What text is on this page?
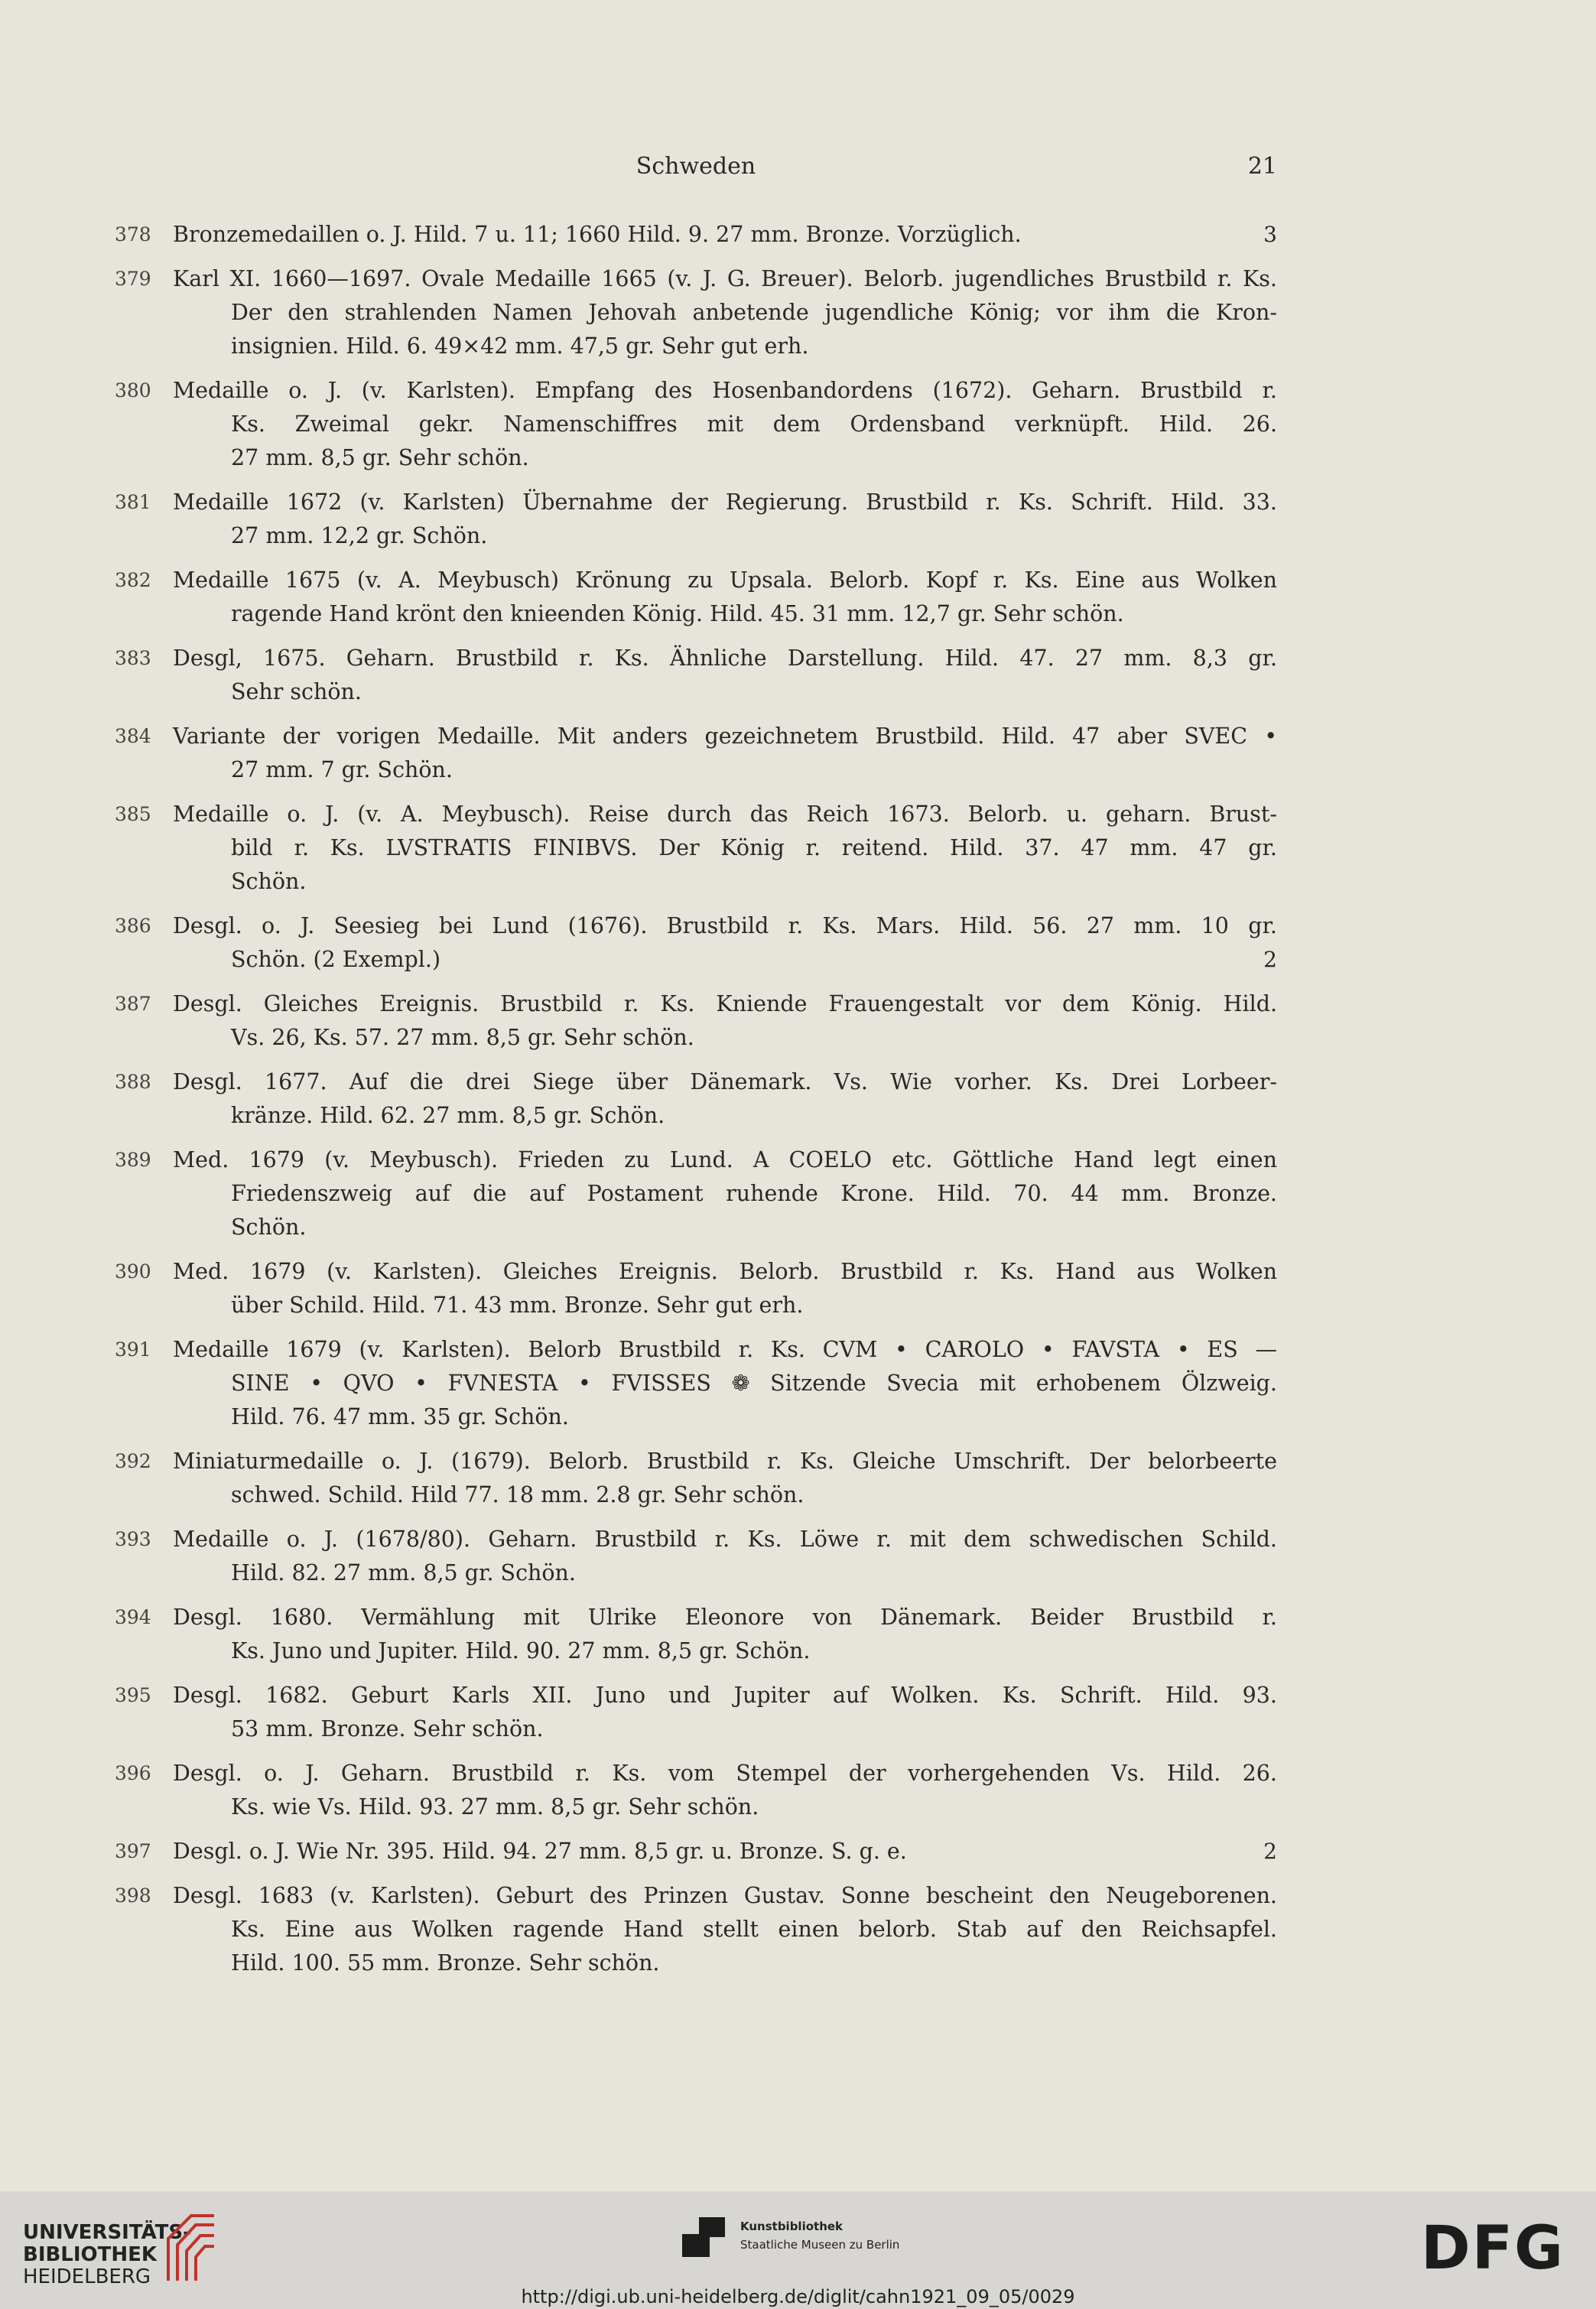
Schweden	21
378 Bronzemedaillen o. J. Hild. 7 u. 11; 1660 Hild. 9. 27 mm. Bronze. Vorzüglich.	3
379 Karl XI. 1660—1697. Ovale Medaille 1665 (v. J. G. Breuer). Belorb. jugendliches Brustbild r. Ks.
Der den strahlenden Namen Jehovah anbetende jugendliche König; vor ihm die Kron-
insignien. Hild. 6. 49×42 mm. 47,5 gr. Sehr gut erh.
380 Medaille o. J. (v. Karlsten). Empfang des Hosenbandordens (1672). Geharn. Brustbild r.
Ks. Zweimal gekr. Namenschiffres mit dem Ordensband verknüpft. Hild. 26.
27 mm. 8,5 gr. Sehr schön.
381 Medaille 1672 (v. Karlsten) Übernahme der Regierung. Brustbild r. Ks. Schrift. Hild. 33.
27 mm. 12,2 gr. Schön.
382 Medaille 1675 (v. A. Meybusch) Krönung zu Upsala. Belorb. Kopf r. Ks. Eine aus Wolken
ragende Hand krönt den knieenden König. Hild. 45. 31 mm. 12,7 gr. Sehr schön.
383 Desgl, 1675. Geharn. Brustbild r. Ks. Ähnliche Darstellung. Hild. 47. 27 mm. 8,3 gr.
Sehr schön.
384 Variante der vorigen Medaille. Mit anders gezeichnetem Brustbild. Hild. 47 aber SVEC •
27 mm. 7 gr. Schön.
385 Medaille o. J. (v. A. Meybusch). Reise durch das Reich 1673. Belorb. u. geharn. Brust-
bild r. Ks. LVSTRATIS FINIBVS. Der König r. reitend. Hild. 37. 47 mm. 47 gr.
Schön.
386 Desgl. o. J. Seesieg bei Lund (1676). Brustbild r. Ks. Mars. Hild. 56. 27 mm. 10 gr.
Schön. (2 Exempl.)	2
387 Desgl. Gleiches Ereignis. Brustbild r. Ks. Kniende Frauengestalt vor dem König. Hild.
Vs. 26, Ks. 57. 27 mm. 8,5 gr. Sehr schön.
388 Desgl. 1677. Auf die drei Siege über Dänemark. Vs. Wie vorher. Ks. Drei Lorbeer-
kränze. Hild. 62. 27 mm. 8,5 gr. Schön.
389 Med. 1679 (v. Meybusch). Frieden zu Lund. A COELO etc. Göttliche Hand legt einen
Friedenszweig auf die auf Postament ruhende Krone. Hild. 70. 44 mm. Bronze.
Schön.
390 Med. 1679 (v. Karlsten). Gleiches Ereignis. Belorb. Brustbild r. Ks. Hand aus Wolken
über Schild. Hild. 71. 43 mm. Bronze. Sehr gut erh.
391 Medaille 1679 (v. Karlsten). Belorb Brustbild r. Ks. CVM • CAROLO • FAVSTA • ES —
SINE • QVO • FVNESTA • FVISSES ❁ Sitzende Svecia mit erhobenem Ölzweig.
Hild. 76. 47 mm. 35 gr. Schön.
392 Miniaturmedaille o. J. (1679). Belorb. Brustbild r. Ks. Gleiche Umschrift. Der belorbeerte
schwed. Schild. Hild 77. 18 mm. 2.8 gr. Sehr schön.
393 Medaille o. J. (1678/80). Geharn. Brustbild r. Ks. Löwe r. mit dem schwedischen Schild.
Hild. 82. 27 mm. 8,5 gr. Schön.
394 Desgl. 1680. Vermählung mit Ulrike Eleonore von Dänemark. Beider Brustbild r.
Ks. Juno und Jupiter. Hild. 90. 27 mm. 8,5 gr. Schön.
395 Desgl. 1682. Geburt Karls XII. Juno und Jupiter auf Wolken. Ks. Schrift. Hild. 93.
53 mm. Bronze. Sehr schön.
396 Desgl. o. J. Geharn. Brustbild r. Ks. vom Stempel der vorhergehenden Vs. Hild. 26.
Ks. wie Vs. Hild. 93. 27 mm. 8,5 gr. Sehr schön.
397 Desgl. o. J. Wie Nr. 395. Hild. 94. 27 mm. 8,5 gr. u. Bronze. S. g. e.	2
398 Desgl. 1683 (v. Karlsten). Geburt des Prinzen Gustav. Sonne bescheint den Neugeborenen.
Ks. Eine aus Wolken ragende Hand stellt einen belorb. Stab auf den Reichsapfel.
Hild. 100. 55 mm. Bronze. Sehr schön.
UNIVERSITÄTS-
BIBLIOTHEK
HEIDELBERG
Kunstbibliothek
Staatliche Museen zu Berlin	DFG
http://digi.ub.uni-heidelberg.de/diglit/cahn1921_09_05/0029
